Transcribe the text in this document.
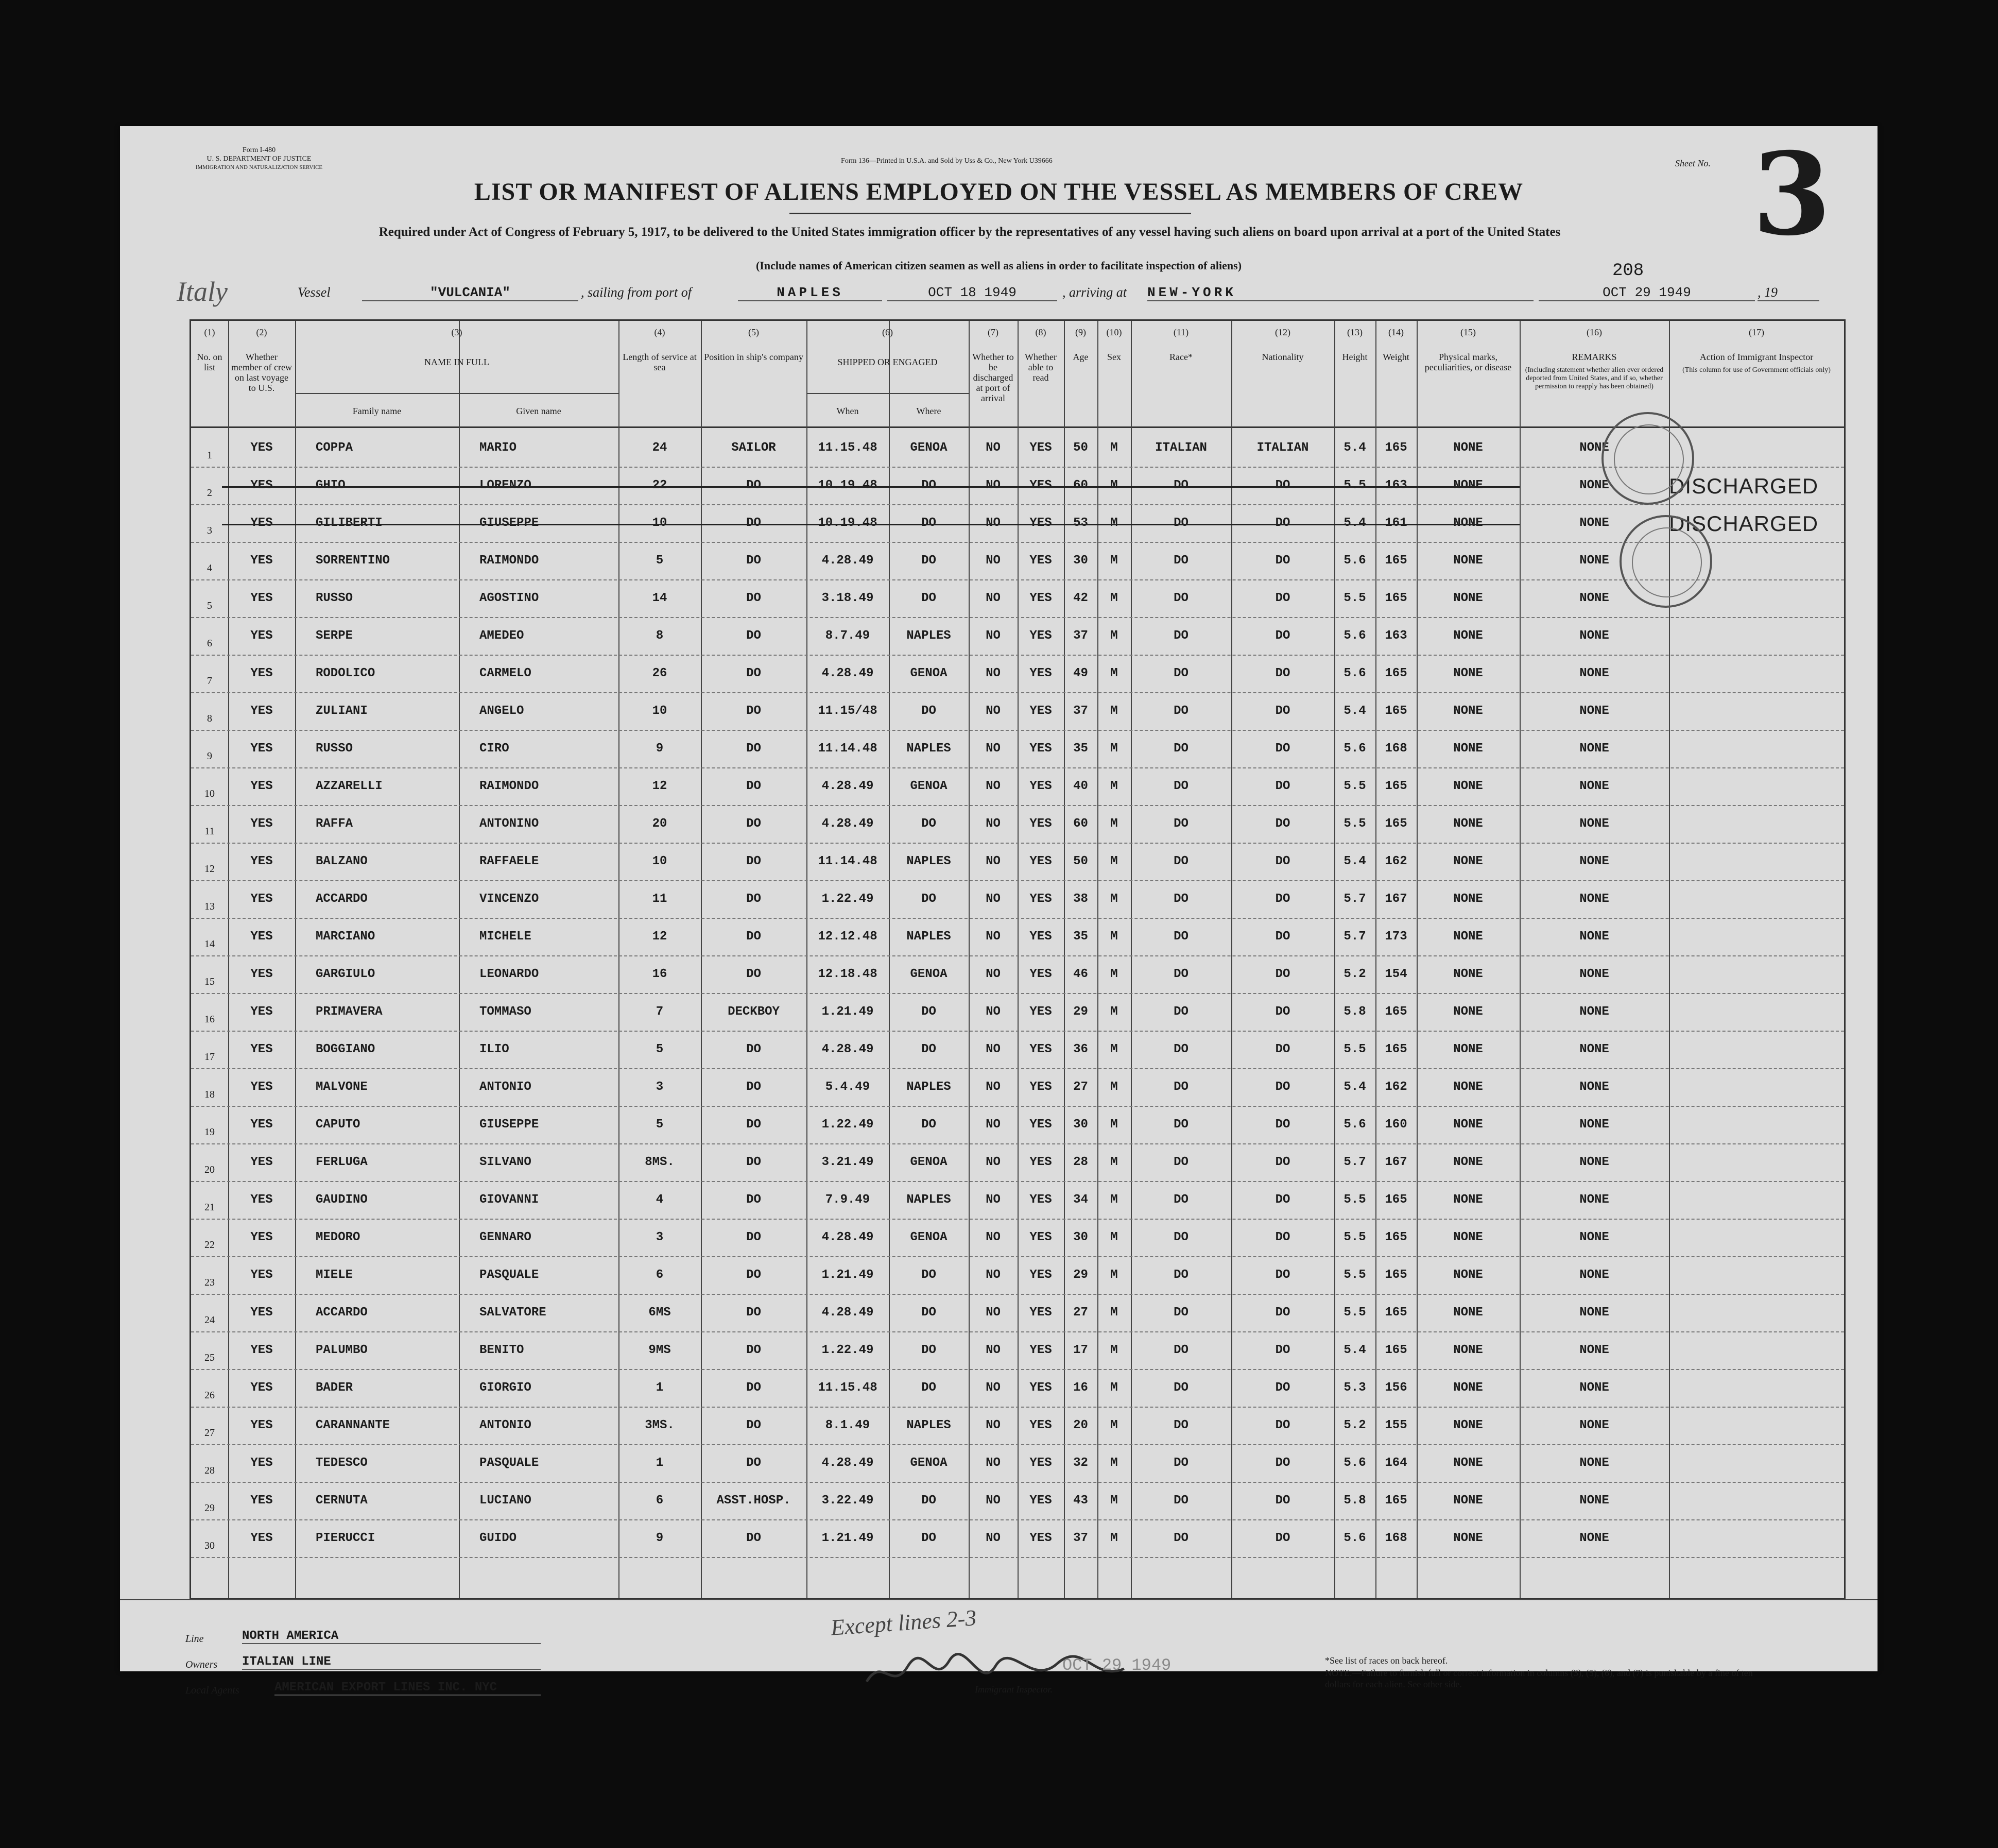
Form I-480
U. S. DEPARTMENT OF JUSTICE
IMMIGRATION AND NATURALIZATION SERVICE
Form 136—Printed in U.S.A. and Sold by Uss & Co., New York U39666	Sheet No. 3
LIST OR MANIFEST OF ALIENS EMPLOYED ON THE VESSEL AS MEMBERS OF CREW
Required under Act of Congress of February 5, 1917, to be delivered to the United States immigration officer by the representatives of any vessel having such aliens on board upon arrival at a port of the United States
(Include names of American citizen seamen as well as aliens in order to facilitate inspection of aliens)	208
Italy	Vessel	"VULCANIA"	, sailing from port of	NAPLES	OCT 18 1949	, arriving at NEW-YORK	OCT 29 1949	, 19
(1)
No. on list
(2)
Whether member of crew on last voyage to U.S.
(3)
NAME IN FULL
Family name	Given name
(4)
Length of service at sea
(5)
Position in ship's company
(6)
SHIPPED OR ENGAGED
When	Where
(7)
Whether to be discharged at port of arrival
(8)
Whether able to read
(9)
Age
(10)
Sex
(11)
Race*
(12)
Nationality
(13)
Height
(14)
Weight
(15)
Physical marks, peculiarities, or disease
(16)
REMARKS
(Including statement whether alien ever ordered deported from United States, and if so, whether permission to reapply has been obtained)
(17)
Action of Immigrant Inspector
(This column for use of Government officials only)
1
YES	COPPA	MARIO	24	SAILOR	11.15.48	GENOA	NO	YES	50	M	ITALIAN	ITALIAN	5.4	165	NONE	NONE
2
YES	GHIO	LORENZO	22	DO	10.19.48	DO	NO	YES	60	M	DO	DO	5.5	163	NONE	NONE	DISCHARGED
3
YES	GILIBERTI	GIUSEPPE	10	DO	10.19.48	DO	NO	YES	53	M	DO	DO	5.4	161	NONE	NONE	DISCHARGED
4
YES	SORRENTINO	RAIMONDO	5	DO	4.28.49	DO	NO	YES	30	M	DO	DO	5.6	165	NONE	NONE
5
YES	RUSSO	AGOSTINO	14	DO	3.18.49	DO	NO	YES	42	M	DO	DO	5.5	165	NONE	NONE
6
YES	SERPE	AMEDEO	8	DO	8.7.49	NAPLES	NO	YES	37	M	DO	DO	5.6	163	NONE	NONE
7
YES	RODOLICO	CARMELO	26	DO	4.28.49	GENOA	NO	YES	49	M	DO	DO	5.6	165	NONE	NONE
8
YES	ZULIANI	ANGELO	10	DO	11.15/48	DO	NO	YES	37	M	DO	DO	5.4	165	NONE	NONE
9
YES	RUSSO	CIRO	9	DO	11.14.48	NAPLES	NO	YES	35	M	DO	DO	5.6	168	NONE	NONE
10
YES	AZZARELLI	RAIMONDO	12	DO	4.28.49	GENOA	NO	YES	40	M	DO	DO	5.5	165	NONE	NONE
11
YES	RAFFA	ANTONINO	20	DO	4.28.49	DO	NO	YES	60	M	DO	DO	5.5	165	NONE	NONE
12
YES	BALZANO	RAFFAELE	10	DO	11.14.48	NAPLES	NO	YES	50	M	DO	DO	5.4	162	NONE	NONE
13
YES	ACCARDO	VINCENZO	11	DO	1.22.49	DO	NO	YES	38	M	DO	DO	5.7	167	NONE	NONE
14
YES	MARCIANO	MICHELE	12	DO	12.12.48	NAPLES	NO	YES	35	M	DO	DO	5.7	173	NONE	NONE
15
YES	GARGIULO	LEONARDO	16	DO	12.18.48	GENOA	NO	YES	46	M	DO	DO	5.2	154	NONE	NONE
16
YES	PRIMAVERA	TOMMASO	7	DECKBOY	1.21.49	DO	NO	YES	29	M	DO	DO	5.8	165	NONE	NONE
17
YES	BOGGIANO	ILIO	5	DO	4.28.49	DO	NO	YES	36	M	DO	DO	5.5	165	NONE	NONE
18
YES	MALVONE	ANTONIO	3	DO	5.4.49	NAPLES	NO	YES	27	M	DO	DO	5.4	162	NONE	NONE
19
YES	CAPUTO	GIUSEPPE	5	DO	1.22.49	DO	NO	YES	30	M	DO	DO	5.6	160	NONE	NONE
20
YES	FERLUGA	SILVANO	8MS.	DO	3.21.49	GENOA	NO	YES	28	M	DO	DO	5.7	167	NONE	NONE
21
YES	GAUDINO	GIOVANNI	4	DO	7.9.49	NAPLES	NO	YES	34	M	DO	DO	5.5	165	NONE	NONE
22
YES	MEDORO	GENNARO	3	DO	4.28.49	GENOA	NO	YES	30	M	DO	DO	5.5	165	NONE	NONE
23
YES	MIELE	PASQUALE	6	DO	1.21.49	DO	NO	YES	29	M	DO	DO	5.5	165	NONE	NONE
24
YES	ACCARDO	SALVATORE	6MS	DO	4.28.49	DO	NO	YES	27	M	DO	DO	5.5	165	NONE	NONE
25
YES	PALUMBO	BENITO	9MS	DO	1.22.49	DO	NO	YES	17	M	DO	DO	5.4	165	NONE	NONE
26
YES	BADER	GIORGIO	1	DO	11.15.48	DO	NO	YES	16	M	DO	DO	5.3	156	NONE	NONE
27
YES	CARANNANTE	ANTONIO	3MS.	DO	8.1.49	NAPLES	NO	YES	20	M	DO	DO	5.2	155	NONE	NONE
28
YES	TEDESCO	PASQUALE	1	DO	4.28.49	GENOA	NO	YES	32	M	DO	DO	5.6	164	NONE	NONE
29
YES	CERNUTA	LUCIANO	6	ASST.HOSP.	3.22.49	DO	NO	YES	43	M	DO	DO	5.8	165	NONE	NONE
30
YES	PIERUCCI	GUIDO	9	DO	1.21.49	DO	NO	YES	37	M	DO	DO	5.6	168	NONE	NONE
Line	NORTH AMERICA
Owners ITALIAN LINE
Local Agents	AMERICAN EXPORT LINES INC. NYC
Except lines 2-3
OCT 29 1949
Immigrant Inspector.
*See list of races on back hereof.
NOTE.—Failure to furnish full or correct information in columns (3), (5), (6), and (7) is punishable by a fine of ten dollars for each alien. See other side.
